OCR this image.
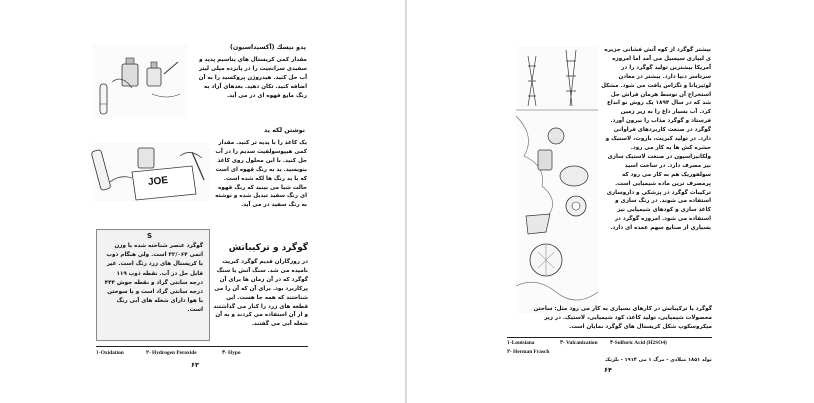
پدو نیسك (آکسیداسیون)
مقدار کمی کریستال های پتاسیم پدید و سفیدی سرانجیت را در پانزده میلی لیتر آب حل کنید. هیدروژن پروکسید را به آن اضافه کنید. تکان دهید. بعدهای آزاد به رنگ مایع قهوه ای در می آید.
JOE
نوشتن لکه ید
یک کاغذ را با یدیه تر کنید. مقدار کمی هیپوسولفیت سدیم را در آب حل کنید. با این محلول روی کاغذ بنویسید. ید به رنگ قهوه ای است که با ید رنگ ها لکه شده است. حالت شبا می بینید که رنگ قهوه ای رنگ سفید تبدیل شده و نوشته به رنگ سفید در می آید.
S
گوگرد عنصر شناخته شده با وزن اتمی ۳۲/۰۶۴ است. ولی هنگام ذوب با کریستال های زرد رنگ است. غیر قابل حل در آب. نقطه ذوب ۱۱۹ درجه سانتی گراد و نقطه جوش ۴۴۴ درجه سانتی گراد است و با سوختن با هوا دارای شعله های آبی رنگ است.
گوگرد و ترکیباتش
در روزگاران قدیم گوگرد کبریت نامیده می شد. سنگ آتش یا سنگ گوگرد که در آن زمان ها برای آن پرکاربرد بود. برای آن که آن را می شناختند که همه جا هست. این قطعه های زرد را کنار می گذاشتند و از آن استفاده می کردند و به آن شعله آبی می گفتند.
۱-Oxidation	۲- Hydrogen Peroxide	۳- Hypo
۶۳
بیشتر گوگرد از کوه آتش فشانی جزیره ی لیپاری سیسیل می آمد اما امروزه آمریکا بیشترین تولید گوگرد را در سرتاسر دنیا دارد. بیشتر در معادن لوئیزیانا و تگزاس یافت می شود. مشکل استخراج آن توسط هرمان فراش حل شد که در سال ۱۸۹۴ یک روش نو ابداع کرد. آب بسیار داغ را به زیر زمین فرستاد و گوگرد مذاب را بیرون آورد. گوگرد در صنعت کاربردهای فراوانی دارد. در تولید کبریت، باروت، لاستیک و حشره کش ها به کار می رود. ولکانیزاسیون در صنعت لاستیک سازی نیز مصرف دارد. در ساخت اسید سولفوریک هم به کار می رود که پرمصرف ترین ماده شیمیایی است. ترکیبات گوگرد در پزشکی و داروسازی استفاده می شوند. در رنگ سازی و کاغذ سازی و کودهای شیمیایی نیز استفاده می شود. امروزه گوگرد در بسیاری از صنایع سهم عمده ای دارد.
گوگرد یا ترکیباتش در کارهای بسیاری به کار می رود مثل: ساختن محصولات شیمیایی، تولید کاغذ، کود شیمیایی، لاستیک. در زیر میکروسکوپ شکل کریستال های گوگرد نمایان است.
۱-Louisiana	۳- Vulcanization ۴-Sulfuric Acid (H2SO4)
۲- Herman Frasch
تولد ۱۸۵۱ میلادی - مرگ ۱ می ۱۹۱۴ - بلژیک
۶۴
